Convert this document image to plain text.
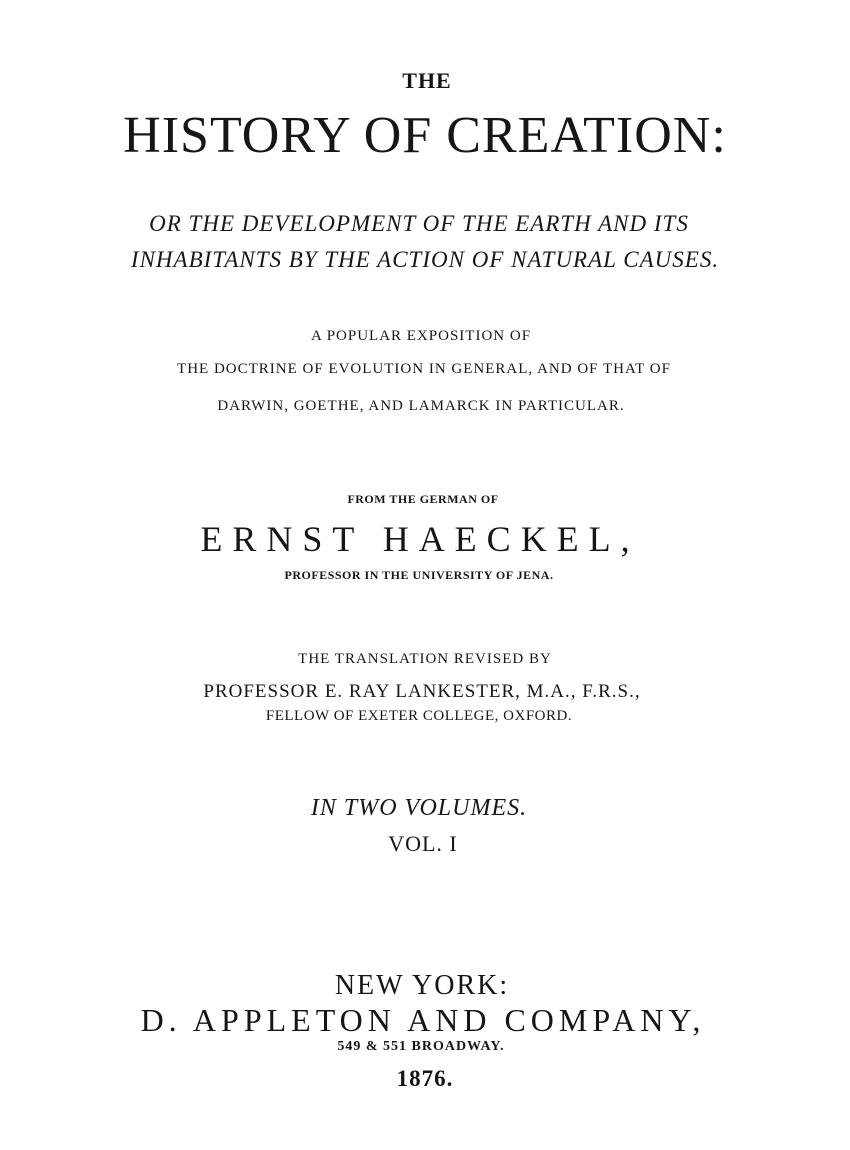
THE
HISTORY OF CREATION:
OR THE DEVELOPMENT OF THE EARTH AND ITS
INHABITANTS BY THE ACTION OF NATURAL CAUSES.
A POPULAR EXPOSITION OF
THE DOCTRINE OF EVOLUTION IN GENERAL, AND OF THAT OF
DARWIN, GOETHE, AND LAMARCK IN PARTICULAR.
FROM THE GERMAN OF
ERNST HAECKEL,
PROFESSOR IN THE UNIVERSITY OF JENA.
THE TRANSLATION REVISED BY
PROFESSOR E. RAY LANKESTER, M.A., F.R.S.,
FELLOW OF EXETER COLLEGE, OXFORD.
IN TWO VOLUMES.
VOL. I
NEW YORK:
D. APPLETON AND COMPANY,
549 & 551 BROADWAY.
1876.
